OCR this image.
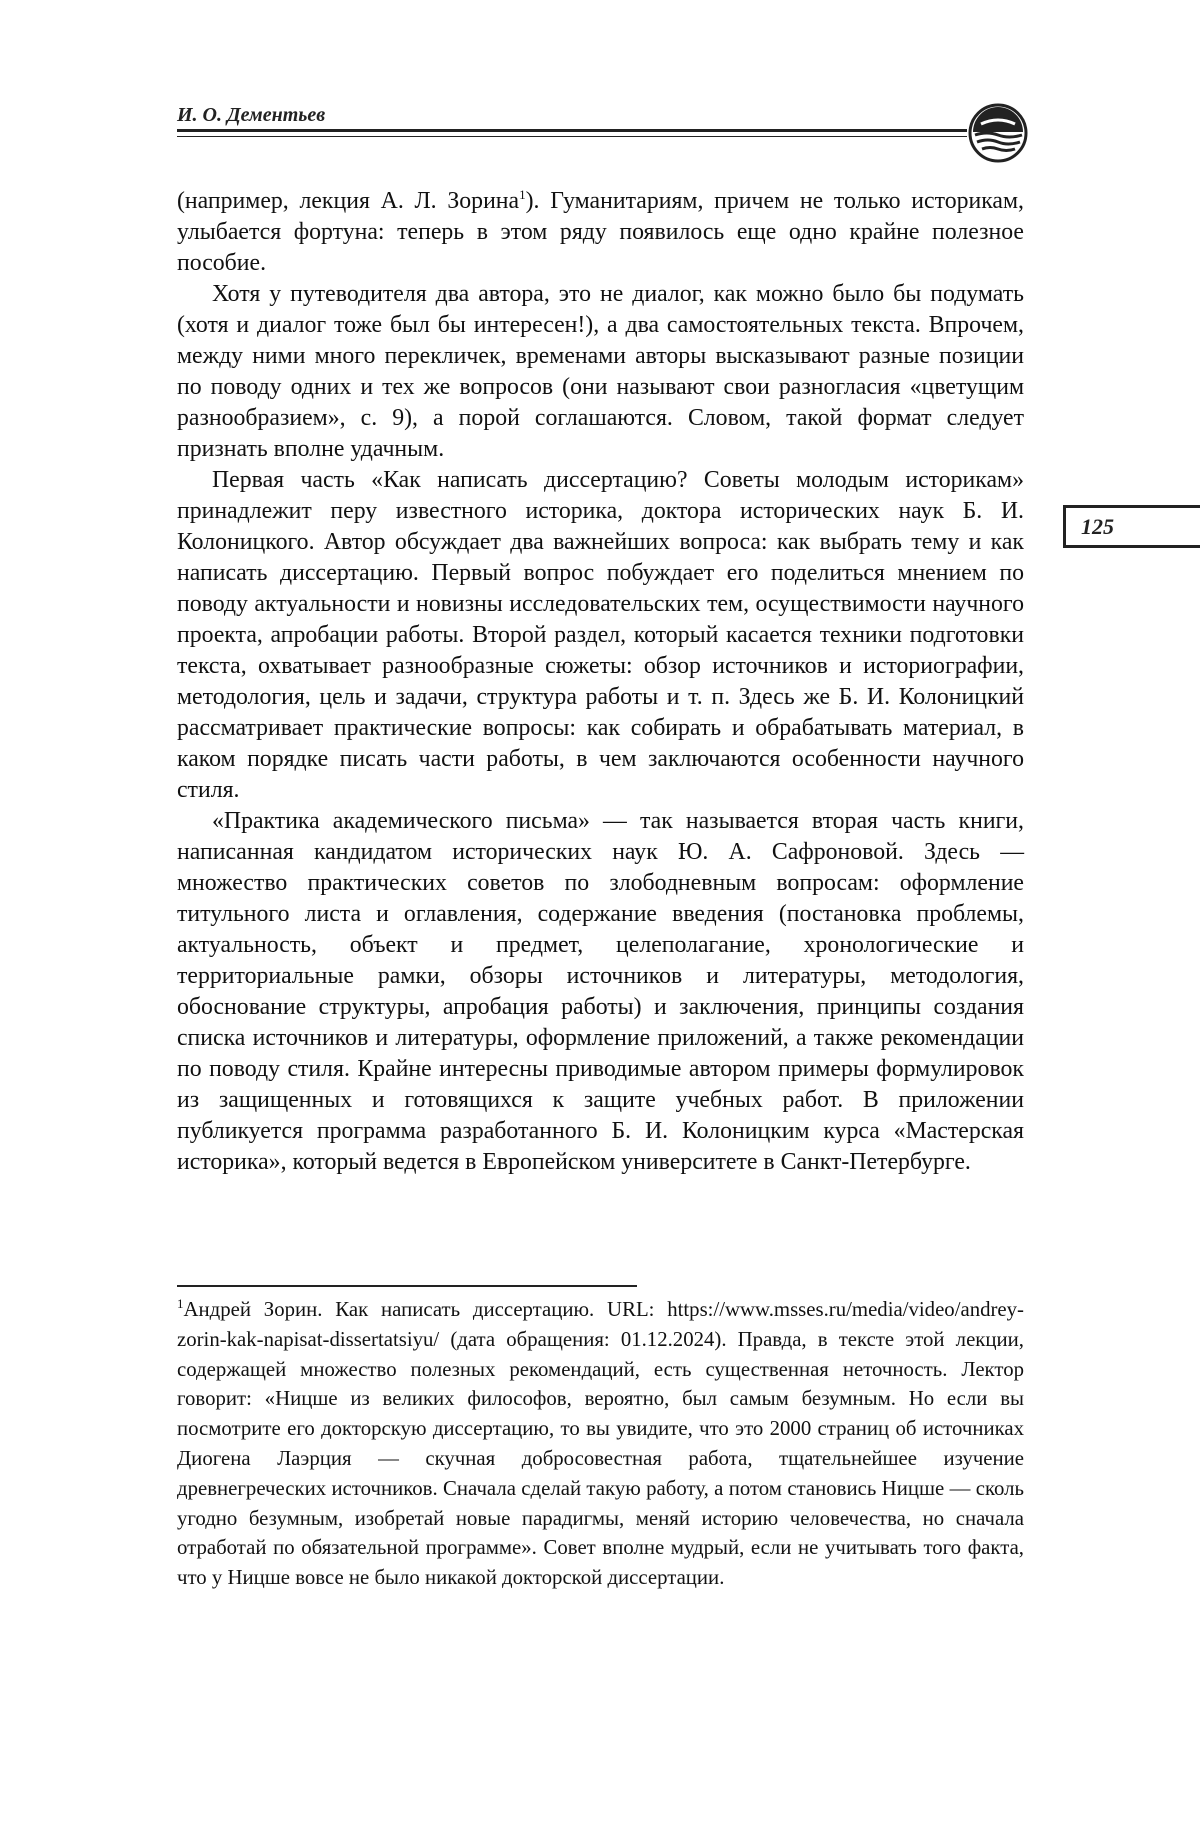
И. О. Дементьев
125

(например, лекция А. Л. Зорина$^1$). Гуманитариям, причем не только историкам, улыбается фортуна: теперь в этом ряду появилось еще одно крайне полезное пособие.

Хотя у путеводителя два автора, это не диалог, как можно было бы подумать (хотя и диалог тоже был бы интересен!), а два самостоятельных текста. Впрочем, между ними много перекличек, временами авторы высказывают разные позиции по поводу одних и тех же вопросов (они называют свои разногласия «цветущим разнообразием», с. 9), а порой соглашаются. Словом, такой формат следует признать вполне удачным.

Первая часть «Как написать диссертацию? Советы молодым историкам» принадлежит перу известного историка, доктора исторических наук Б. И. Колоницкого. Автор обсуждает два важнейших вопроса: как выбрать тему и как написать диссертацию. Первый вопрос побуждает его поделиться мнением по поводу актуальности и новизны исследовательских тем, осуществимости научного проекта, апробации работы. Второй раздел, который касается техники подготовки текста, охватывает разнообразные сюжеты: обзор источников и историографии, методология, цель и задачи, структура работы и т. п. Здесь же Б. И. Колоницкий рассматривает практические вопросы: как собирать и обрабатывать материал, в каком порядке писать части работы, в чем заключаются особенности научного стиля.

«Практика академического письма» — так называется вторая часть книги, написанная кандидатом исторических наук Ю. А. Сафроновой. Здесь — множество практических советов по злободневным вопросам: оформление титульного листа и оглавления, содержание введения (постановка проблемы, актуальность, объект и предмет, целеполагание, хронологические и территориальные рамки, обзоры источников и литературы, методология, обоснование структуры, апробация работы) и заключения, принципы создания списка источников и литературы, оформление приложений, а также рекомендации по поводу стиля. Крайне интересны приводимые автором примеры формулировок из защищенных и готовящихся к защите учебных работ. В приложении публикуется программа разработанного Б. И. Колоницким курса «Мастерская историка», который ведется в Европейском университете в Санкт-Петербурге.

$^1$Андрей Зорин. Как написать диссертацию. URL: https://www.msses.ru/media/video/andrey-zorin-kak-napisat-dissertatsiyu/ (дата обращения: 01.12.2024). Правда, в тексте этой лекции, содержащей множество полезных рекомендаций, есть существенная неточность. Лектор говорит: «Ницше из великих философов, вероятно, был самым безумным. Но если вы посмотрите его докторскую диссертацию, то вы увидите, что это 2000 страниц об источниках Диогена Лаэрция — скучная добросовестная работа, тщательнейшее изучение древнегреческих источников. Сначала сделай такую работу, а потом становись Ницше — сколь угодно безумным, изобретай новые парадигмы, меняй историю человечества, но сначала отработай по обязательной программе». Совет вполне мудрый, если не учитывать того факта, что у Ницше вовсе не было никакой докторской диссертации.
